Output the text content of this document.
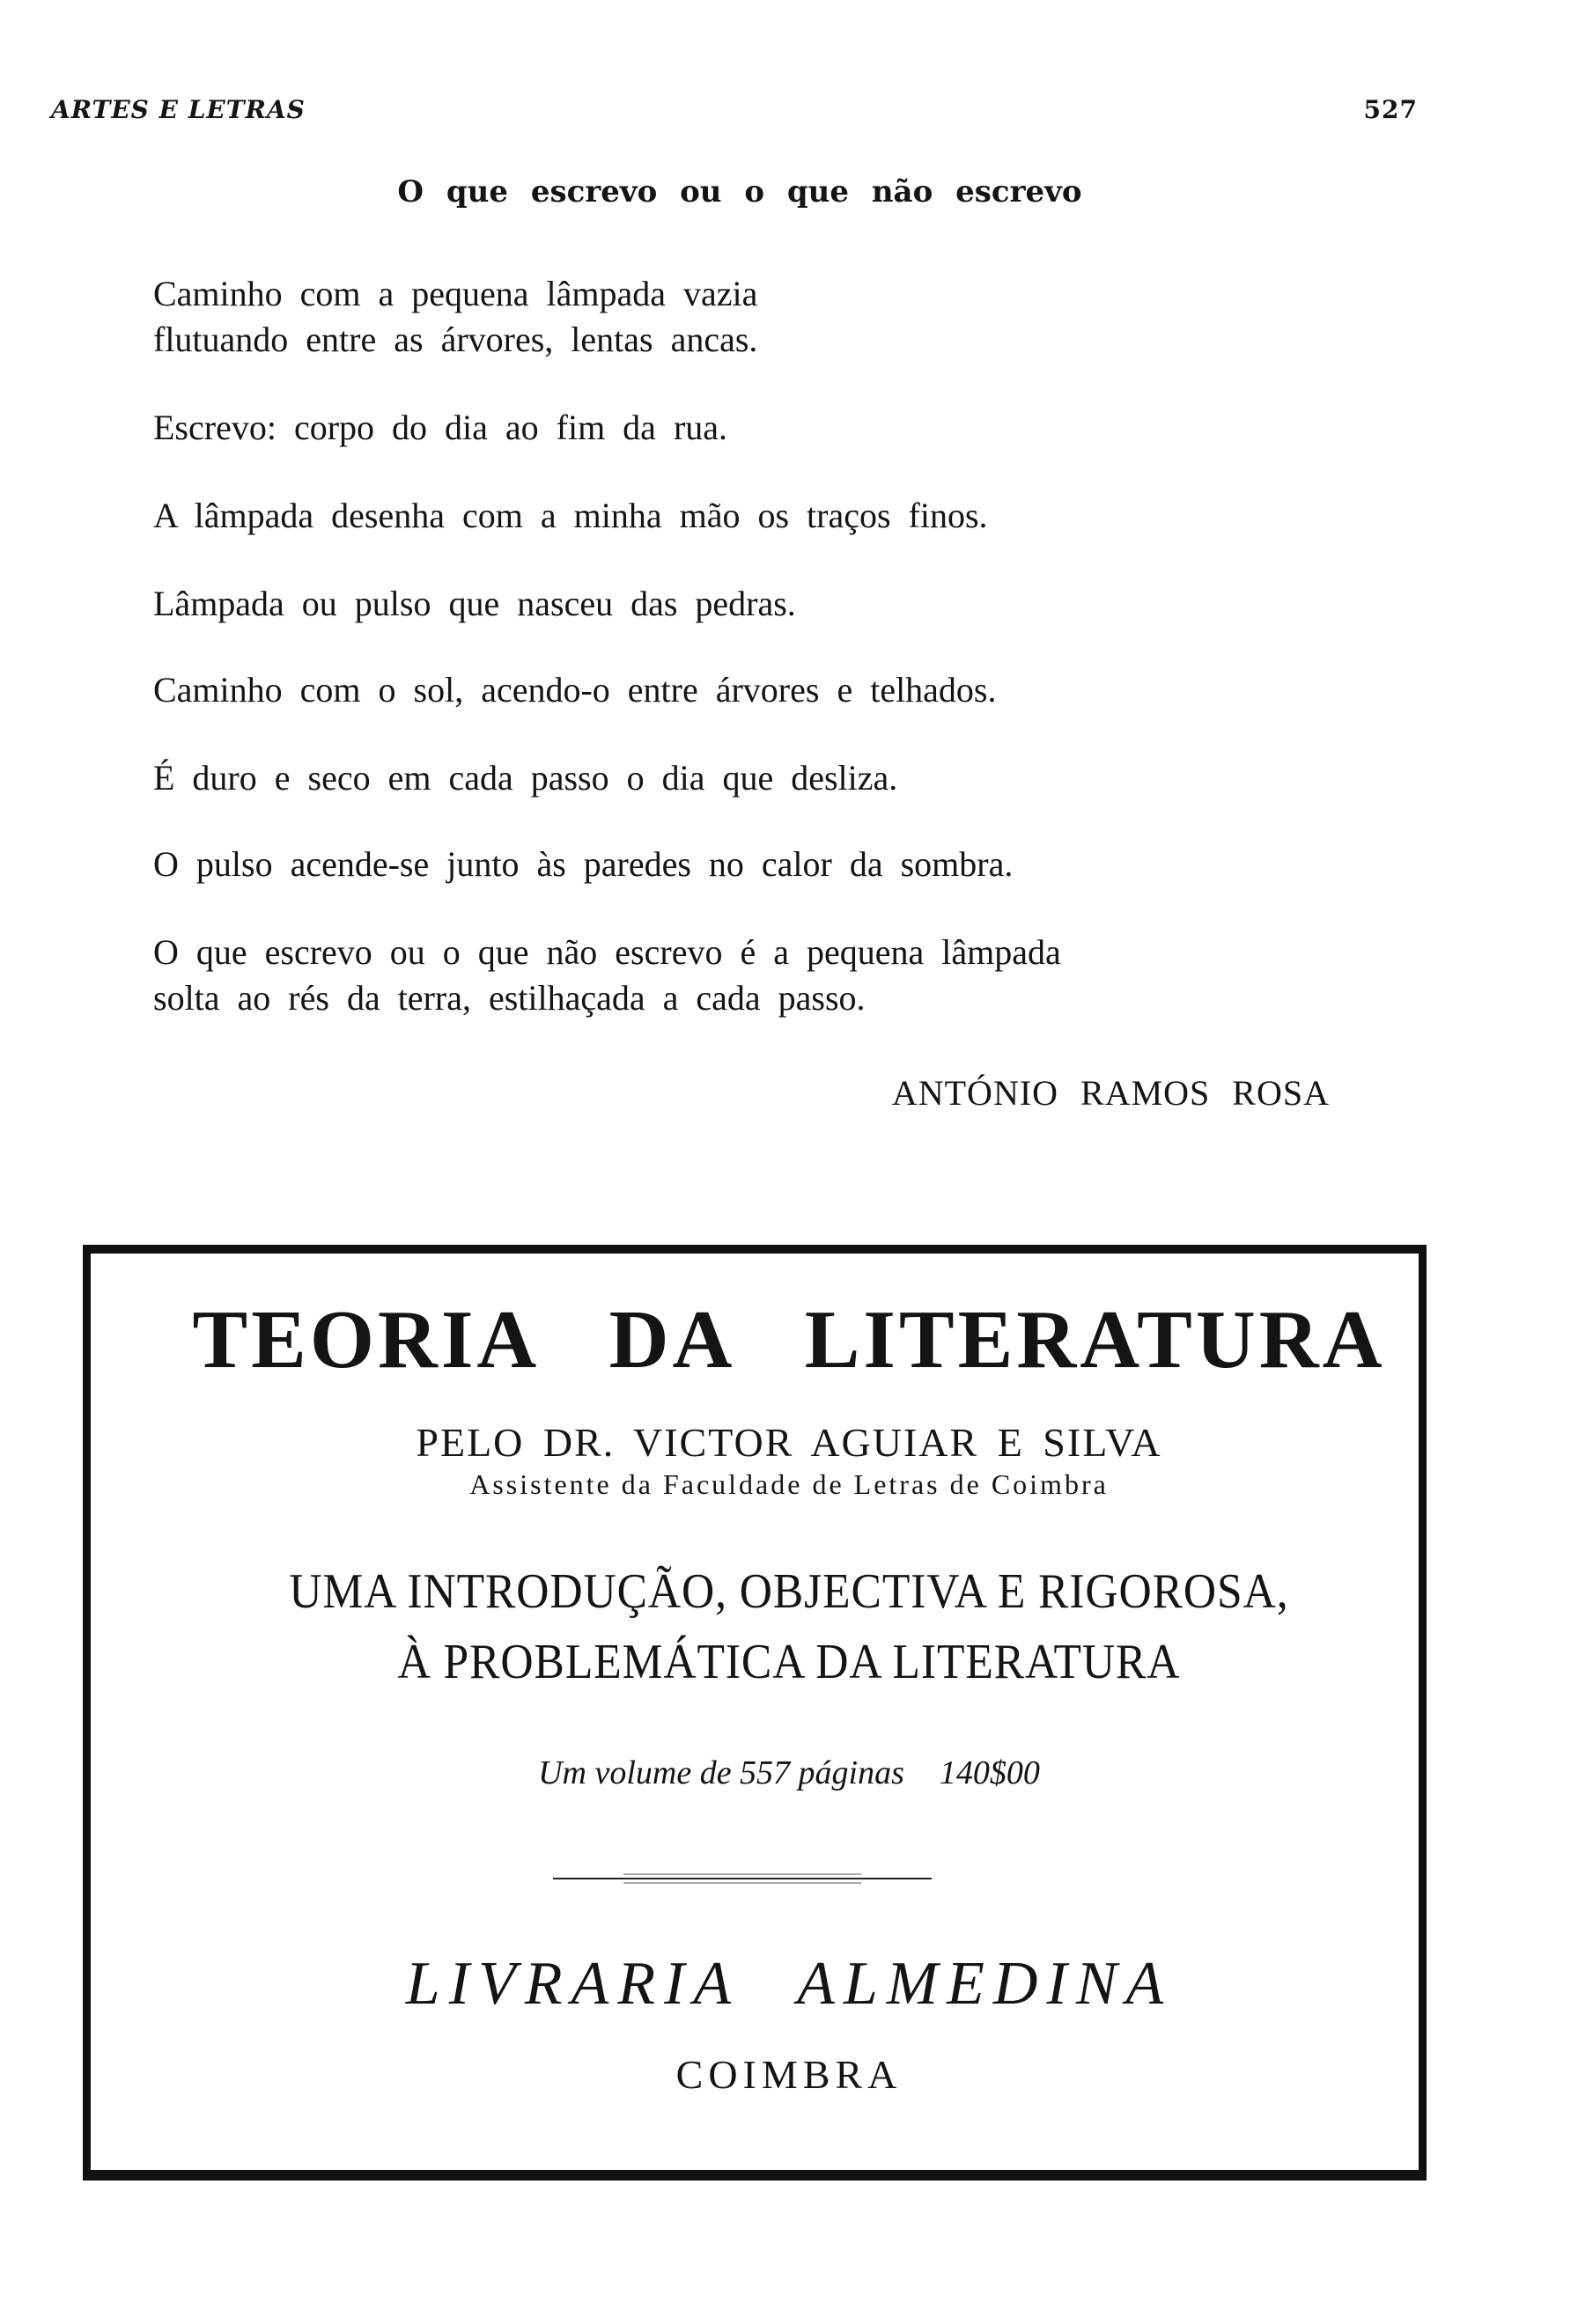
ARTES E LETRAS	527
O que escrevo ou o que não escrevo
Caminho com a pequena lâmpada vazia
flutuando entre as árvores, lentas ancas.
Escrevo: corpo do dia ao fim da rua.
A lâmpada desenha com a minha mão os traços finos.
Lâmpada ou pulso que nasceu das pedras.
Caminho com o sol, acendo-o entre árvores e telhados.
É duro e seco em cada passo o dia que desliza.
O pulso acende-se junto às paredes no calor da sombra.
O que escrevo ou o que não escrevo é a pequena lâmpada
solta ao rés da terra, estilhaçada a cada passo.
ANTÓNIO RAMOS ROSA
TEORIA DA LITERATURA
PELO DR. VICTOR AGUIAR E SILVA
Assistente da Faculdade de Letras de Coimbra
UMA INTRODUÇÃO, OBJECTIVA E RIGOROSA,
À PROBLEMÁTICA DA LITERATURA
Um volume de 557 páginas 140$00
LIVRARIA ALMEDINA
COIMBRA
